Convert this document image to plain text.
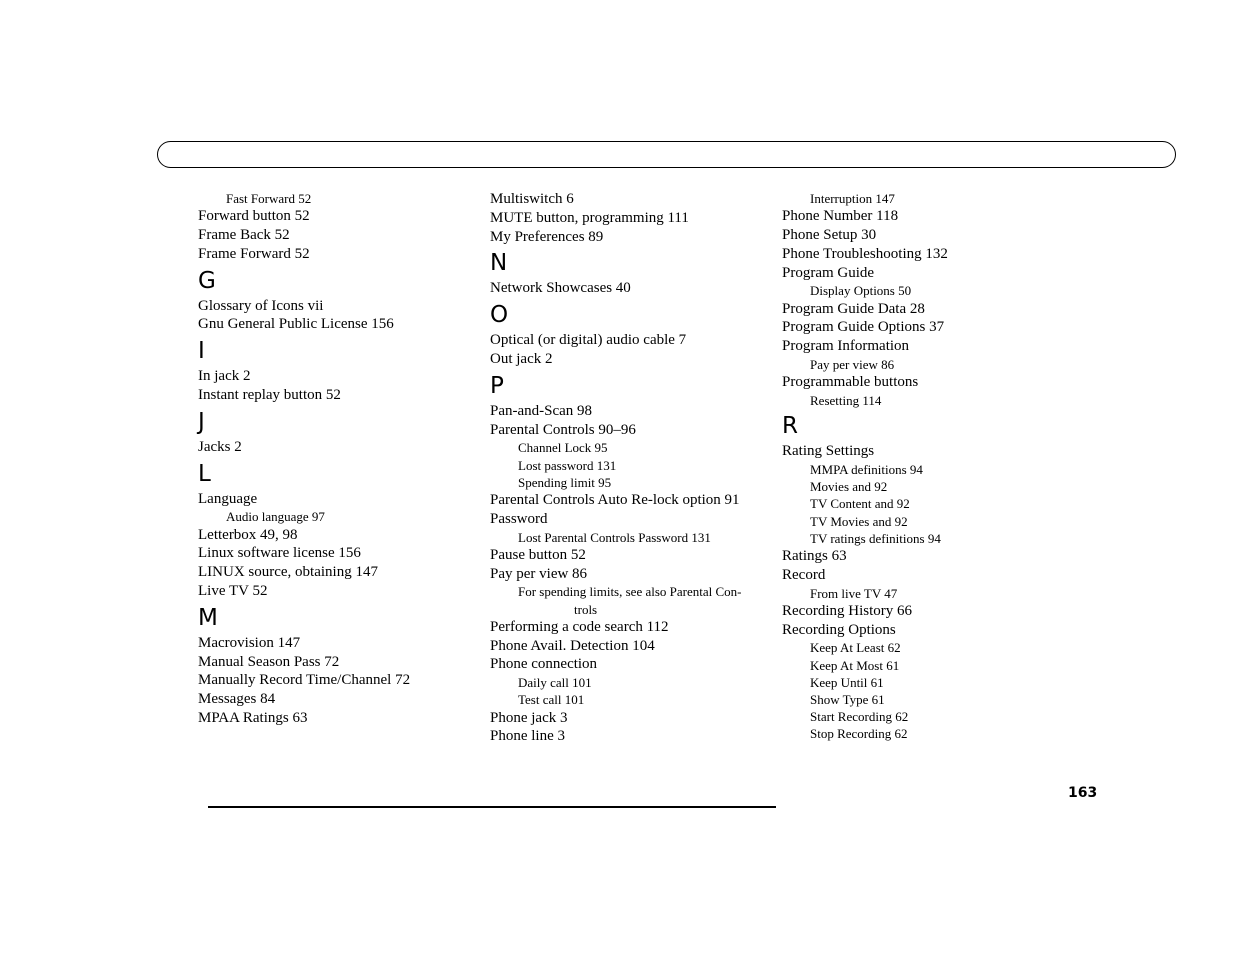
Fast Forward 52
Forward button 52
Frame Back 52
Frame Forward 52
G
Glossary of Icons vii
Gnu General Public License 156
I
In jack 2
Instant replay button 52
J
Jacks 2
L
Language
Audio language 97
Letterbox 49, 98
Linux software license 156
LINUX source, obtaining 147
Live TV 52
M
Macrovision 147
Manual Season Pass 72
Manually Record Time/Channel 72
Messages 84
MPAA Ratings 63
Multiswitch 6
MUTE button, programming 111
My Preferences 89
N
Network Showcases 40
O
Optical (or digital) audio cable 7
Out jack 2
P
Pan-and-Scan 98
Parental Controls 90–96
Channel Lock 95
Lost password 131
Spending limit 95
Parental Controls Auto Re-lock option 91
Password
Lost Parental Controls Password 131
Pause button 52
Pay per view 86
For spending limits, see also Parental Con-
trols
Performing a code search 112
Phone Avail. Detection 104
Phone connection
Daily call 101
Test call 101
Phone jack 3
Phone line 3
Interruption 147
Phone Number 118
Phone Setup 30
Phone Troubleshooting 132
Program Guide
Display Options 50
Program Guide Data 28
Program Guide Options 37
Program Information
Pay per view 86
Programmable buttons
Resetting 114
R
Rating Settings
MMPA definitions 94
Movies and 92
TV Content and 92
TV Movies and 92
TV ratings definitions 94
Ratings 63
Record
From live TV 47
Recording History 66
Recording Options
Keep At Least 62
Keep At Most 61
Keep Until 61
Show Type 61
Start Recording 62
Stop Recording 62
163
